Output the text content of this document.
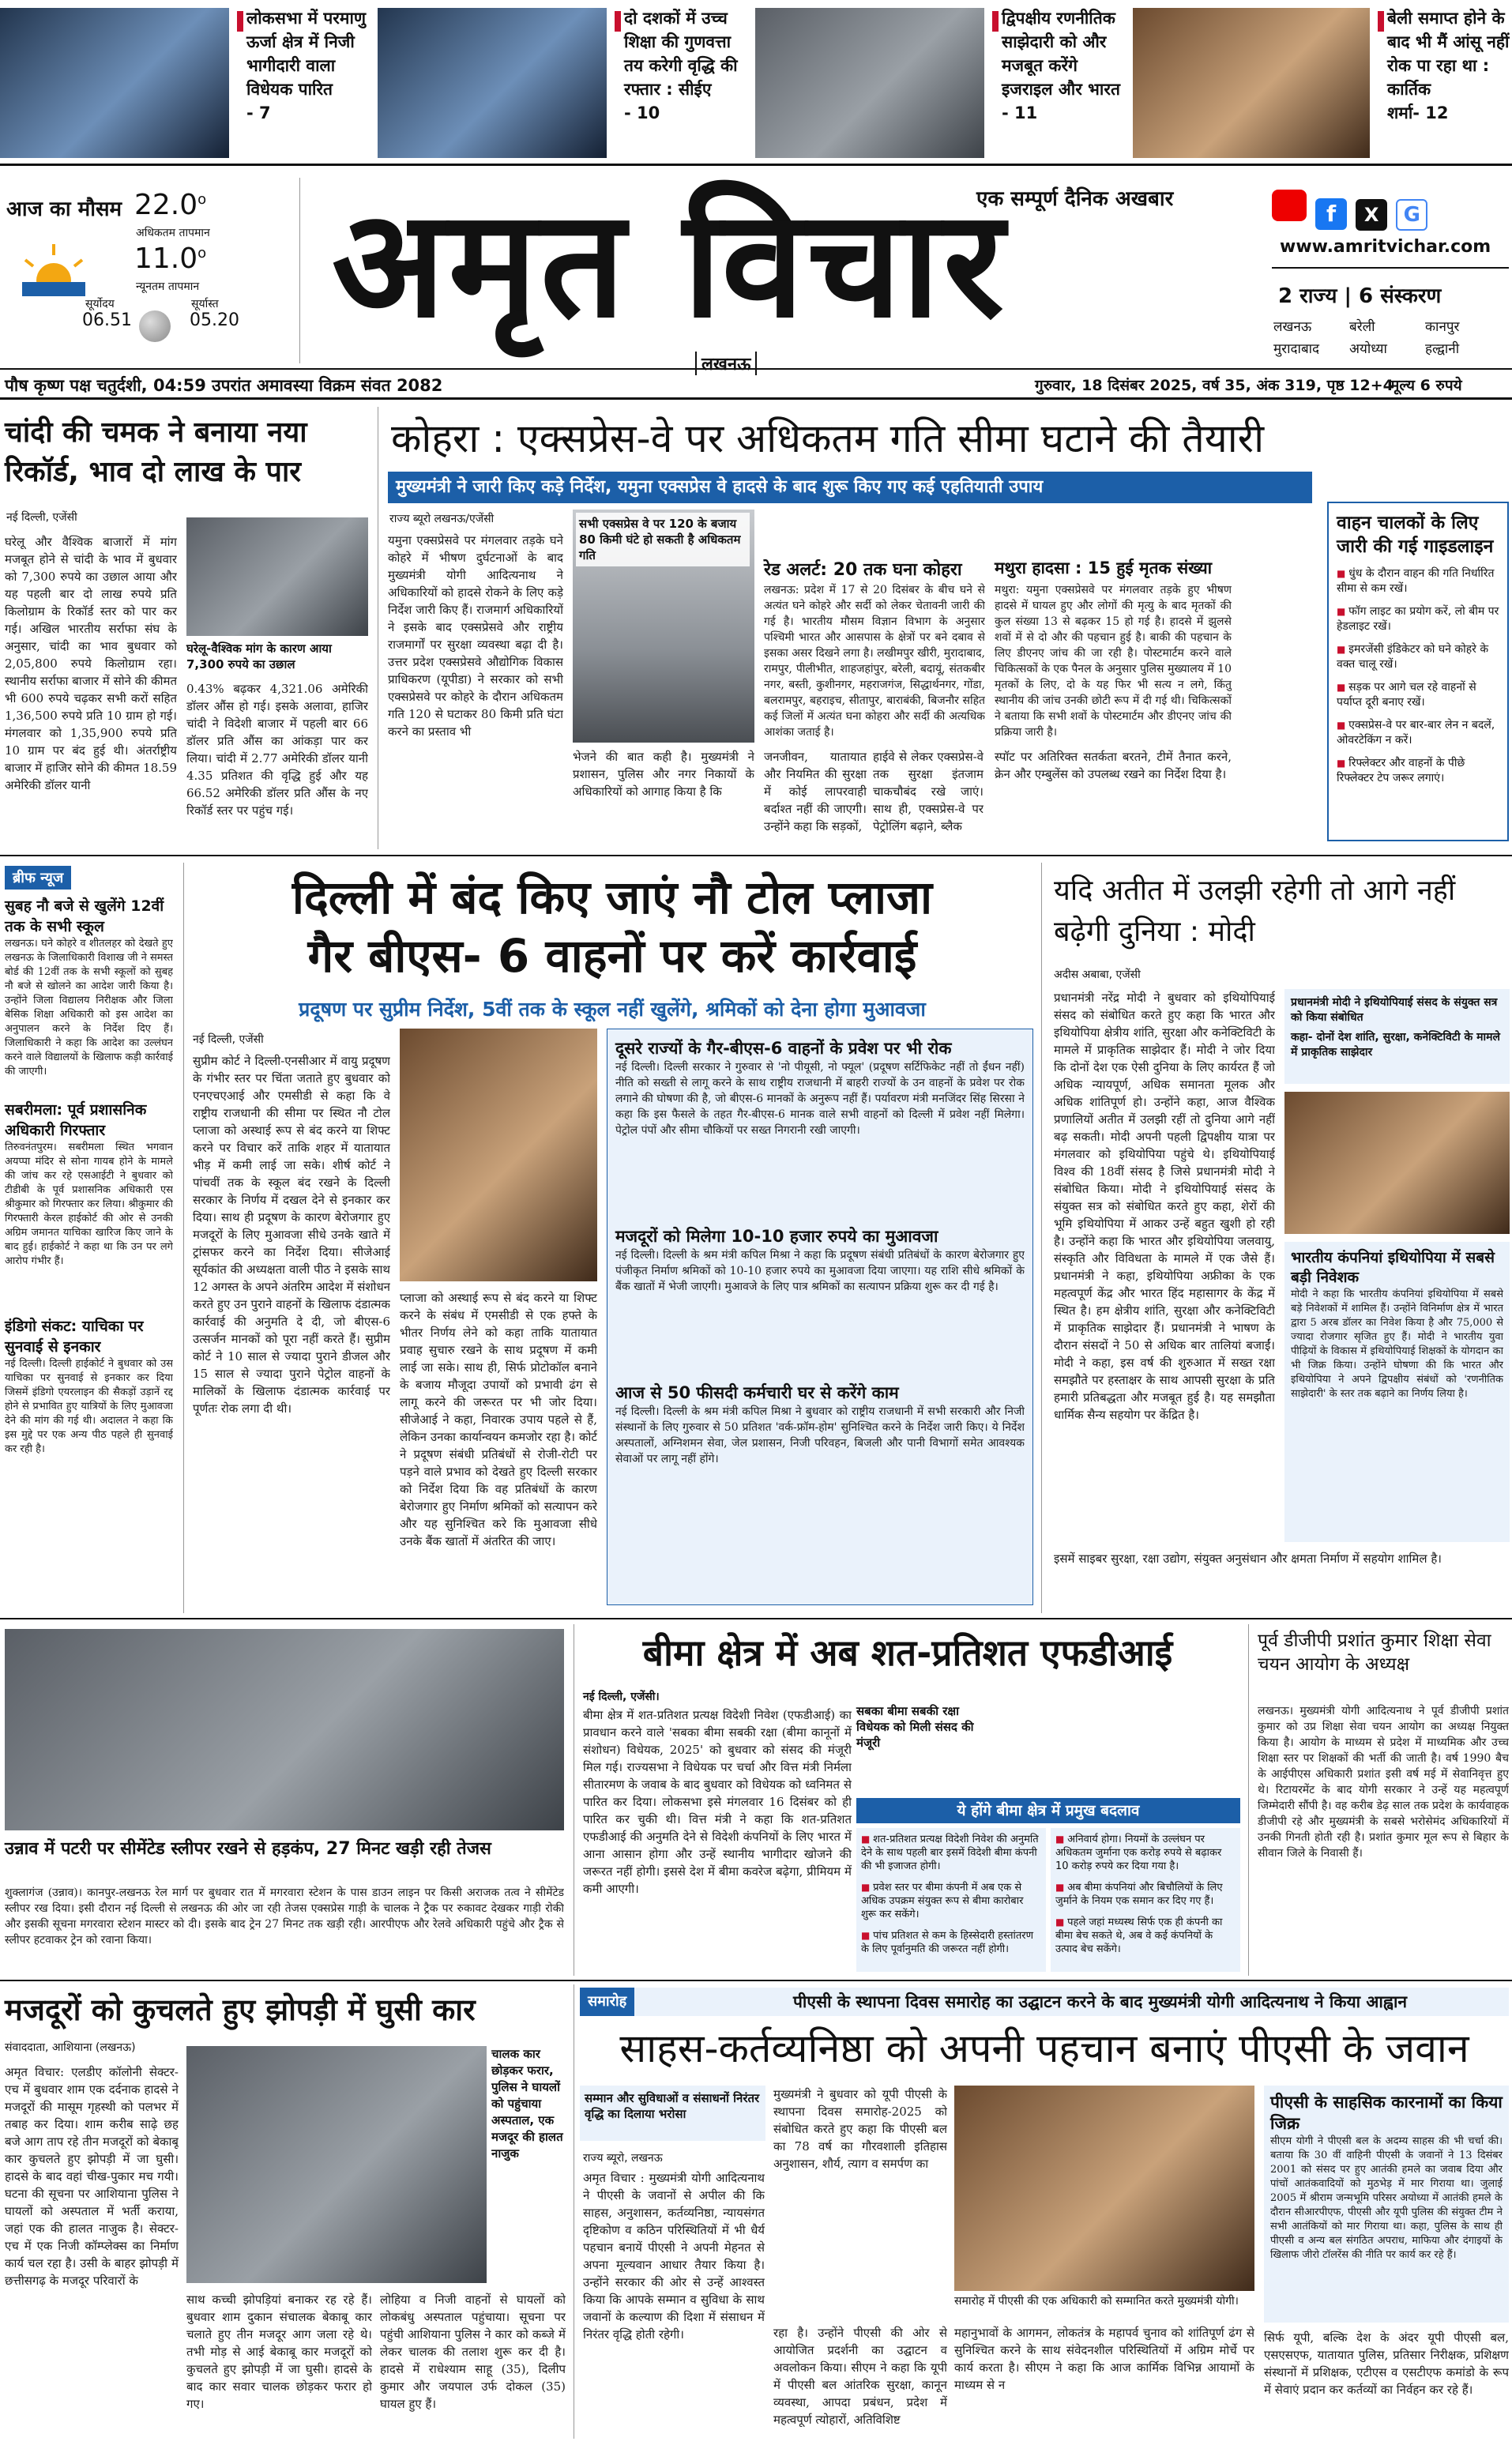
लोकसभा में परमाणु ऊर्जा क्षेत्र में निजी भागीदारी वाला विधेयक पारित
- 7
दो दशकों में उच्च शिक्षा की गुणवत्ता तय करेगी वृद्धि की रफ्तार : सीईए
- 10
द्विपक्षीय रणनीतिक साझेदारी को और मजबूत करेंगे इजराइल और भारत
- 11
बेली समाप्त होने के बाद भी मैं आंसू नहीं रोक पा रहा था : कार्तिक
शर्मा- 12
आज का मौसम 22.0$^o$
अधिकतम तापमान
11.0$^o$
न्यूनतम तापमान
सूर्योदय
06.51
सूर्यास्त
05.20
एक सम्पूर्ण दैनिक अखबार
अमृत विचार
लखनऊ
f X G
www.amritvichar.com
2 राज्य | 6 संस्करण
लखनऊ	बरेली	कानपुर
मुरादाबाद अयोध्या	हल्द्वानी
पौष कृष्ण पक्ष चतुर्दशी, 04:59 उपरांत अमावस्या विक्रम संवत 2082	गुरुवार, 18 दिसंबर 2025, वर्ष 35, अंक 319, पृष्ठ 12+4
मूल्य 6 रुपये
चांदी की चमक ने बनाया नया रिकॉर्ड, भाव दो लाख के पार
नई दिल्ली, एजेंसी
घरेलू और वैश्विक बाजारों में मांग मजबूत होने से चांदी के भाव में बुधवार को 7,300 रुपये का उछाल आया और यह पहली बार दो लाख रुपये प्रति किलोग्राम के रिकॉर्ड स्तर को पार कर गई। अखिल भारतीय सर्राफा संघ के अनुसार, चांदी का भाव बुधवार को 2,05,800 रुपये किलोग्राम रहा। स्थानीय सर्राफा बाजार में सोने की कीमत भी 600 रुपये चढ़कर सभी करों सहित 1,36,500 रुपये प्रति 10 ग्राम हो गई। मंगलवार को 1,35,900 रुपये प्रति 10 ग्राम पर बंद हुई थी। अंतर्राष्ट्रीय बाजार में हाजिर सोने की कीमत 18.59 अमेरिकी डॉलर यानी
घरेलू-वैश्विक मांग के कारण आया 7,300 रुपये का उछाल
0.43% बढ़कर 4,321.06 अमेरिकी डॉलर औंस हो गई। इसके अलावा, हाजिर चांदी ने विदेशी बाजार में पहली बार 66 डॉलर प्रति औंस का आंकड़ा पार कर लिया। चांदी में 2.77 अमेरिकी डॉलर यानी 4.35 प्रतिशत की वृद्धि हुई और यह 66.52 अमेरिकी डॉलर प्रति औंस के नए रिकॉर्ड स्तर पर पहुंच गई।
कोहरा : एक्सप्रेस-वे पर अधिकतम गति सीमा घटाने की तैयारी
मुख्यमंत्री ने जारी किए कड़े निर्देश, यमुना एक्सप्रेस वे हादसे के बाद शुरू किए गए कई एहतियाती उपाय
राज्य ब्यूरो लखनऊ/एजेंसी
यमुना एक्सप्रेसवे पर मंगलवार तड़के घने कोहरे में भीषण दुर्घटनाओं के बाद मुख्यमंत्री योगी आदित्यनाथ ने अधिकारियों को हादसे रोकने के लिए कड़े निर्देश जारी किए हैं। राजमार्ग अधिकारियों ने इसके बाद एक्सप्रेसवे और राष्ट्रीय राजमार्गों पर सुरक्षा व्यवस्था बढ़ा दी है। उत्तर प्रदेश एक्सप्रेसवे औद्योगिक विकास प्राधिकरण (यूपीडा) ने सरकार को सभी एक्सप्रेसवे पर कोहरे के दौरान अधिकतम गति 120 से घटाकर 80 किमी प्रति घंटा करने का प्रस्ताव भी
सभी एक्सप्रेस वे पर 120 के बजाय 80 किमी घंटे हो सकती है अधिकतम गति
भेजने की बात कही है। मुख्यमंत्री ने प्रशासन, पुलिस और नगर निकायों के अधिकारियों को आगाह किया है कि
रेड अलर्ट: 20 तक घना कोहरा
लखनऊ: प्रदेश में 17 से 20 दिसंबर के बीच घने से अत्यंत घने कोहरे और सर्दी को लेकर चेतावनी जारी की गई है। भारतीय मौसम विज्ञान विभाग के अनुसार पश्चिमी भारत और आसपास के क्षेत्रों पर बने दबाव से इसका असर दिखने लगा है। लखीमपुर खीरी, मुरादाबाद, रामपुर, पीलीभीत, शाहजहांपुर, बरेली, बदायूं, संतकबीर नगर, बस्ती, कुशीनगर, महराजगंज, सिद्धार्थनगर, गोंडा, बलरामपुर, बहराइच, सीतापुर, बाराबंकी, बिजनौर सहित कई जिलों में अत्यंत घना कोहरा और सर्दी की अत्यधिक आशंका जताई है।
जनजीवन, यातायात और नियमित की सुरक्षा में कोई लापरवाही बर्दाश्त नहीं की जाएगी। उन्होंने कहा कि सड़कों,
हाईवे से लेकर एक्सप्रेस-वे तक सुरक्षा इंतजाम चाकचौबंद रखे जाएं। साथ ही, एक्सप्रेस-वे पर पेट्रोलिंग बढ़ाने, ब्लैक
मथुरा हादसा : 15 हुई मृतक संख्या
मथुरा: यमुना एक्सप्रेसवे पर मंगलवार तड़के हुए भीषण हादसे में घायल हुए और लोगों की मृत्यु के बाद मृतकों की कुल संख्या 13 से बढ़कर 15 हो गई है। हादसे में झुलसे शवों में से दो और की पहचान हुई है। बाकी की पहचान के लिए डीएनए जांच की जा रही है। पोस्टमार्टम करने वाले चिकित्सकों के एक पैनल के अनुसार पुलिस मुख्यालय में 10 मृतकों के लिए, दो के यह फिर भी सत्य न लगे, किंतु स्थानीय की जांच उनकी छोटी रूप में दी गई थी। चिकित्सकों ने बताया कि सभी शवों के पोस्टमार्टम और डीएनए जांच की प्रक्रिया जारी है।
स्पॉट पर अतिरिक्त सतर्कता बरतने, टीमें तैनात करने, क्रेन और एम्बुलेंस को उपलब्ध रखने का निर्देश दिया है।
वाहन चालकों के लिए जारी की गई गाइडलाइन
■ धुंध के दौरान वाहन की गति निर्धारित सीमा से कम रखें।
■ फॉग लाइट का प्रयोग करें, लो बीम पर हेडलाइट रखें।
■ इमरजेंसी इंडिकेटर को घने कोहरे के वक्त चालू रखें।
■ सड़क पर आगे चल रहे वाहनों से पर्याप्त दूरी बनाए रखें।
■ एक्सप्रेस-वे पर बार-बार लेन न बदलें, ओवरटेकिंग न करें।
■ रिफ्लेक्टर और वाहनों के पीछे रिफ्लेक्टर टेप जरूर लगाएं।
ब्रीफ न्यूज
सुबह नौ बजे से खुलेंगे 12वीं तक के सभी स्कूल
लखनऊ। घने कोहरे व शीतलहर को देखते हुए लखनऊ के जिलाधिकारी विशाख जी ने समस्त बोर्ड की 12वीं तक के सभी स्कूलों को सुबह नौ बजे से खोलने का आदेश जारी किया है। उन्होंने जिला विद्यालय निरीक्षक और जिला बेसिक शिक्षा अधिकारी को इस आदेश का अनुपालन करने के निर्देश दिए हैं। जिलाधिकारी ने कहा कि आदेश का उल्लंघन करने वाले विद्यालयों के खिलाफ कड़ी कार्रवाई की जाएगी।
सबरीमला: पूर्व प्रशासनिक अधिकारी गिरफ्तार
तिरुवनंतपुरम। सबरीमला स्थित भगवान अयप्पा मंदिर से सोना गायब होने के मामले की जांच कर रहे एसआईटी ने बुधवार को टीडीबी के पूर्व प्रशासनिक अधिकारी एस श्रीकुमार को गिरफ्तार कर लिया। श्रीकुमार की गिरफ्तारी केरल हाईकोर्ट की ओर से उनकी अग्रिम जमानत याचिका खारिज किए जाने के बाद हुई। हाईकोर्ट ने कहा था कि उन पर लगे आरोप गंभीर हैं।
इंडिगो संकट: याचिका पर सुनवाई से इनकार
नई दिल्ली। दिल्ली हाईकोर्ट ने बुधवार को उस याचिका पर सुनवाई से इनकार कर दिया जिसमें इंडिगो एयरलाइन की सैकड़ों उड़ानें रद्द होने से प्रभावित हुए यात्रियों के लिए मुआवजा देने की मांग की गई थी। अदालत ने कहा कि इस मुद्दे पर एक अन्य पीठ पहले ही सुनवाई कर रही है।
दिल्ली में बंद किए जाएं नौ टोल प्लाजा
गैर बीएस- 6 वाहनों पर करें कार्रवाई
प्रदूषण पर सुप्रीम निर्देश, 5वीं तक के स्कूल नहीं खुलेंगे, श्रमिकों को देना होगा मुआवजा
नई दिल्ली, एजेंसी
सुप्रीम कोर्ट ने दिल्ली-एनसीआर में वायु प्रदूषण के गंभीर स्तर पर चिंता जताते हुए बुधवार को एनएचएआई और एमसीडी से कहा कि वे राष्ट्रीय राजधानी की सीमा पर स्थित नौ टोल प्लाजा को अस्थाई रूप से बंद करने या शिफ्ट करने पर विचार करें ताकि शहर में यातायात भीड़ में कमी लाई जा सके। शीर्ष कोर्ट ने पांचवीं तक के स्कूल बंद रखने के दिल्ली सरकार के निर्णय में दखल देने से इनकार कर दिया। साथ ही प्रदूषण के कारण बेरोजगार हुए मजदूरों के लिए मुआवजा सीधे उनके खाते में ट्रांसफर करने का निर्देश दिया। सीजेआई सूर्यकांत की अध्यक्षता वाली पीठ ने इसके साथ 12 अगस्त के अपने अंतरिम आदेश में संशोधन करते हुए उन पुराने वाहनों के खिलाफ दंडात्मक कार्रवाई की अनुमति दे दी, जो बीएस-6 उत्सर्जन मानकों को पूरा नहीं करते हैं। सुप्रीम कोर्ट ने 10 साल से ज्यादा पुराने डीजल और 15 साल से ज्यादा पुराने पेट्रोल वाहनों के मालिकों के खिलाफ दंडात्मक कार्रवाई पर पूर्णतः रोक लगा दी थी।
प्लाजा को अस्थाई रूप से बंद करने या शिफ्ट करने के संबंध में एमसीडी से एक हफ्ते के भीतर निर्णय लेने को कहा ताकि यातायात प्रवाह सुचारु रखने के साथ प्रदूषण में कमी लाई जा सके। साथ ही, सिर्फ प्रोटोकॉल बनाने के बजाय मौजूदा उपायों को प्रभावी ढंग से लागू करने की जरूरत पर भी जोर दिया। सीजेआई ने कहा, निवारक उपाय पहले से हैं, लेकिन उनका कार्यान्वयन कमजोर रहा है। कोर्ट ने प्रदूषण संबंधी प्रतिबंधों से रोजी-रोटी पर पड़ने वाले प्रभाव को देखते हुए दिल्ली सरकार को निर्देश दिया कि वह प्रतिबंधों के कारण बेरोजगार हुए निर्माण श्रमिकों को सत्यापन करे और यह सुनिश्चित करे कि मुआवजा सीधे उनके बैंक खातों में अंतरित की जाए।
दूसरे राज्यों के गैर-बीएस-6 वाहनों के प्रवेश पर भी रोक
नई दिल्ली। दिल्ली सरकार ने गुरुवार से 'नो पीयूसी, नो फ्यूल' (प्रदूषण सर्टिफिकेट नहीं तो ईंधन नहीं) नीति को सख्ती से लागू करने के साथ राष्ट्रीय राजधानी में बाहरी राज्यों के उन वाहनों के प्रवेश पर रोक लगाने की घोषणा की है, जो बीएस-6 मानकों के अनुरूप नहीं हैं। पर्यावरण मंत्री मनजिंदर सिंह सिरसा ने कहा कि इस फैसले के तहत गैर-बीएस-6 मानक वाले सभी वाहनों को दिल्ली में प्रवेश नहीं मिलेगा। पेट्रोल पंपों और सीमा चौकियों पर सख्त निगरानी रखी जाएगी।
मजदूरों को मिलेगा 10-10 हजार रुपये का मुआवजा
नई दिल्ली। दिल्ली के श्रम मंत्री कपिल मिश्रा ने कहा कि प्रदूषण संबंधी प्रतिबंधों के कारण बेरोजगार हुए पंजीकृत निर्माण श्रमिकों को 10-10 हजार रुपये का मुआवजा दिया जाएगा। यह राशि सीधे श्रमिकों के बैंक खातों में भेजी जाएगी। मुआवजे के लिए पात्र श्रमिकों का सत्यापन प्रक्रिया शुरू कर दी गई है।
आज से 50 फीसदी कर्मचारी घर से करेंगे काम
नई दिल्ली। दिल्ली के श्रम मंत्री कपिल मिश्रा ने बुधवार को राष्ट्रीय राजधानी में सभी सरकारी और निजी संस्थानों के लिए गुरुवार से 50 प्रतिशत 'वर्क-फ्रॉम-होम' सुनिश्चित करने के निर्देश जारी किए। ये निर्देश अस्पतालों, अग्निशमन सेवा, जेल प्रशासन, निजी परिवहन, बिजली और पानी विभागों समेत आवश्यक सेवाओं पर लागू नहीं होंगे।
यदि अतीत में उलझी रहेगी तो आगे नहीं बढ़ेगी दुनिया : मोदी
अदीस अबाबा, एजेंसी
प्रधानमंत्री नरेंद्र मोदी ने बुधवार को इथियोपियाई संसद को संबोधित करते हुए कहा कि भारत और इथियोपिया क्षेत्रीय शांति, सुरक्षा और कनेक्टिविटी के मामले में प्राकृतिक साझेदार हैं। मोदी ने जोर दिया कि दोनों देश एक ऐसी दुनिया के लिए कार्यरत हैं जो अधिक न्यायपूर्ण, अधिक समानता मूलक और अधिक शांतिपूर्ण हो। उन्होंने कहा, आज वैश्विक प्रणालियों अतीत में उलझी रहीं तो दुनिया आगे नहीं बढ़ सकती। मोदी अपनी पहली द्विपक्षीय यात्रा पर मंगलवार को इथियोपिया पहुंचे थे। इथियोपियाई विश्व की 18वीं संसद है जिसे प्रधानमंत्री मोदी ने संबोधित किया। मोदी ने इथियोपियाई संसद के संयुक्त सत्र को संबोधित करते हुए कहा, शेरों की भूमि इथियोपिया में आकर उन्हें बहुत खुशी हो रही है। उन्होंने कहा कि भारत और इथियोपिया जलवायु, संस्कृति और विविधता के मामले में एक जैसे हैं। प्रधानमंत्री ने कहा, इथियोपिया अफ्रीका के एक महत्वपूर्ण केंद्र और भारत हिंद महासागर के केंद्र में स्थित है। हम क्षेत्रीय शांति, सुरक्षा और कनेक्टिविटी में प्राकृतिक साझेदार हैं। प्रधानमंत्री ने भाषण के दौरान संसदों ने 50 से अधिक बार तालियां बजाईं। मोदी ने कहा, इस वर्ष की शुरुआत में सख्त रक्षा समझौते पर हस्ताक्षर के साथ आपसी सुरक्षा के प्रति हमारी प्रतिबद्धता और मजबूत हुई है। यह समझौता धार्मिक सैन्य सहयोग पर केंद्रित है।
प्रधानमंत्री मोदी ने इथियोपियाई संसद के संयुक्त सत्र को किया संबोधित
कहा- दोनों देश शांति, सुरक्षा, कनेक्टिविटी के मामले में प्राकृतिक साझेदार
भारतीय कंपनियां इथियोपिया में सबसे बड़ी निवेशक
मोदी ने कहा कि भारतीय कंपनियां इथियोपिया में सबसे बड़े निवेशकों में शामिल हैं। उन्होंने विनिर्माण क्षेत्र में भारत द्वारा 5 अरब डॉलर का निवेश किया है और 75,000 से ज्यादा रोजगार सृजित हुए हैं। मोदी ने भारतीय युवा पीढ़ियों के विकास में इथियोपियाई शिक्षकों के योगदान का भी जिक्र किया। उन्होंने घोषणा की कि भारत और इथियोपिया ने अपने द्विपक्षीय संबंधों को 'रणनीतिक साझेदारी' के स्तर तक बढ़ाने का निर्णय लिया है।
इसमें साइबर सुरक्षा, रक्षा उद्योग, संयुक्त अनुसंधान और क्षमता निर्माण में सहयोग शामिल है।
उन्नाव में पटरी पर सीमेंटेड स्लीपर रखने से हड़कंप, 27 मिनट खड़ी रही तेजस
शुक्लागंज (उन्नाव)। कानपुर-लखनऊ रेल मार्ग पर बुधवार रात में मगरवारा स्टेशन के पास डाउन लाइन पर किसी अराजक तत्व ने सीमेंटेड स्लीपर रख दिया। इसी दौरान नई दिल्ली से लखनऊ की ओर जा रही तेजस एक्सप्रेस गाड़ी के चालक ने ट्रैक पर रुकावट देखकर गाड़ी रोकी और इसकी सूचना मगरवारा स्टेशन मास्टर को दी। इसके बाद ट्रेन 27 मिनट तक खड़ी रही। आरपीएफ और रेलवे अधिकारी पहुंचे और ट्रैक से स्लीपर हटवाकर ट्रेन को रवाना किया।
बीमा क्षेत्र में अब शत-प्रतिशत एफडीआई
नई दिल्ली, एजेंसी।
बीमा क्षेत्र में शत-प्रतिशत प्रत्यक्ष विदेशी निवेश (एफडीआई) का प्रावधान करने वाले 'सबका बीमा सबकी रक्षा (बीमा कानूनों में संशोधन) विधेयक, 2025' को बुधवार को संसद की मंजूरी मिल गई। राज्यसभा ने विधेयक पर चर्चा और वित्त मंत्री निर्मला सीतारमण के जवाब के बाद बुधवार को विधेयक को ध्वनिमत से पारित कर दिया। लोकसभा इसे मंगलवार 16 दिसंबर को ही पारित कर चुकी थी। वित्त मंत्री ने कहा कि शत-प्रतिशत एफडीआई की अनुमति देने से विदेशी कंपनियों के लिए भारत में आना आसान होगा और उन्हें स्थानीय भागीदार खोजने की जरूरत नहीं होगी। इससे देश में बीमा कवरेज बढ़ेगा, प्रीमियम में कमी आएगी।
सबका बीमा सबकी रक्षा विधेयक को मिली संसद की मंजूरी
ये होंगे बीमा क्षेत्र में प्रमुख बदलाव
■ शत-प्रतिशत प्रत्यक्ष विदेशी निवेश की अनुमति देने के साथ पहली बार इसमें विदेशी बीमा कंपनी की भी इजाजत होगी।
■ प्रवेश स्तर पर बीमा कंपनी में अब एक से अधिक उपक्रम संयुक्त रूप से बीमा कारोबार शुरू कर सकेंगे।
■ पांच प्रतिशत से कम के हिस्सेदारी हस्तांतरण के लिए पूर्वानुमति की जरूरत नहीं होगी।
■ अनिवार्य होगा। नियमों के उल्लंघन पर अधिकतम जुर्माना एक करोड़ रुपये से बढ़ाकर 10 करोड़ रुपये कर दिया गया है।
■ अब बीमा कंपनियां और बिचौलियों के लिए जुर्माने के नियम एक समान कर दिए गए हैं।
■ पहले जहां मध्यस्थ सिर्फ एक ही कंपनी का बीमा बेच सकते थे, अब वे कई कंपनियों के उत्पाद बेच सकेंगे।
पूर्व डीजीपी प्रशांत कुमार शिक्षा सेवा चयन आयोग के अध्यक्ष
लखनऊ। मुख्यमंत्री योगी आदित्यनाथ ने पूर्व डीजीपी प्रशांत कुमार को उप्र शिक्षा सेवा चयन आयोग का अध्यक्ष नियुक्त किया है। आयोग के माध्यम से प्रदेश में माध्यमिक और उच्च शिक्षा स्तर पर शिक्षकों की भर्ती की जाती है। वर्ष 1990 बैच के आईपीएस अधिकारी प्रशांत इसी वर्ष मई में सेवानिवृत्त हुए थे। रिटायरमेंट के बाद योगी सरकार ने उन्हें यह महत्वपूर्ण जिम्मेदारी सौंपी है। वह करीब डेढ़ साल तक प्रदेश के कार्यवाहक डीजीपी रहे और मुख्यमंत्री के सबसे भरोसेमंद अधिकारियों में उनकी गिनती होती रही है। प्रशांत कुमार मूल रूप से बिहार के सीवान जिले के निवासी हैं।
मजदूरों को कुचलते हुए झोपड़ी में घुसी कार
संवाददाता, आशियाना (लखनऊ)
अमृत विचार: एलडीए कॉलोनी सेक्टर-एच में बुधवार शाम एक दर्दनाक हादसे ने मजदूरों की मासूम गृहस्थी को पलभर में तबाह कर दिया। शाम करीब साढ़े छह बजे आग ताप रहे तीन मजदूरों को बेकाबू कार कुचलते हुए झोपड़ी में जा घुसी। हादसे के बाद वहां चीख-पुकार मच गयी। घटना की सूचना पर आशियाना पुलिस ने घायलों को अस्पताल में भर्ती कराया, जहां एक की हालत नाजुक है। सेक्टर-एच में एक निजी कॉम्प्लेक्स का निर्माण कार्य चल रहा है। उसी के बाहर झोपड़ी में छत्तीसगढ़ के मजदूर परिवारों के
चालक कार छोड़कर फरार, पुलिस ने घायलों को पहुंचाया अस्पताल, एक मजदूर की हालत नाजुक
साथ कच्ची झोपड़ियां बनाकर रह रहे हैं। बुधवार शाम दुकान संचालक बेकाबू कार चलाते हुए तीन मजदूर आग जला रहे थे। तभी मोड़ से आई बेकाबू कार मजदूरों को कुचलते हुए झोपड़ी में जा घुसी। हादसे के बाद कार सवार चालक छोड़कर फरार हो गए।
लोहिया व निजी वाहनों से घायलों को लोकबंधु अस्पताल पहुंचाया। सूचना पर पहुंची आशियाना पुलिस ने कार को कब्जे में लेकर चालक की तलाश शुरू कर दी है। हादसे में राधेश्याम साहू (35), दिलीप कुमार और जयपाल उर्फ दोकल (35) घायल हुए हैं।
समारोह	पीएसी के स्थापना दिवस समारोह का उद्घाटन करने के बाद मुख्यमंत्री योगी आदित्यनाथ ने किया आह्वान
साहस-कर्तव्यनिष्ठा को अपनी पहचान बनाएं पीएसी के जवान
सम्मान और सुविधाओं व संसाधनों निरंतर वृद्धि का दिलाया भरोसा
राज्य ब्यूरो, लखनऊ
अमृत विचार : मुख्यमंत्री योगी आदित्यनाथ ने पीएसी के जवानों से अपील की कि साहस, अनुशासन, कर्तव्यनिष्ठा, न्यायसंगत दृष्टिकोण व कठिन परिस्थितियों में भी धैर्य पहचान बनायें पीएसी ने अपनी मेहनत से अपना मूल्यवान आधार तैयार किया है। उन्होंने सरकार की ओर से उन्हें आश्वस्त किया कि आपके सम्मान व सुविधा के साथ जवानों के कल्याण की दिशा में संसाधन में निरंतर वृद्धि होती रहेगी।
मुख्यमंत्री ने बुधवार को यूपी पीएसी के स्थापना दिवस समारोह-2025 को संबोधित करते हुए कहा कि पीएसी बल का 78 वर्ष का गौरवशाली इतिहास अनुशासन, शौर्य, त्याग व समर्पण का
समारोह में पीएसी की एक अधिकारी को सम्मानित करते मुख्यमंत्री योगी।
रहा है। उन्होंने पीएसी की ओर से आयोजित प्रदर्शनी का उद्घाटन व अवलोकन किया। सीएम ने कहा कि यूपी में पीएसी बल आंतरिक सुरक्षा, कानून व्यवस्था, आपदा प्रबंधन, प्रदेश में महत्वपूर्ण त्योहारों, अतिविशिष्ट
महानुभावों के आगमन, लोकतंत्र के महापर्व चुनाव को शांतिपूर्ण ढंग से सुनिश्चित करने के साथ संवेदनशील परिस्थितियों में अग्रिम मोर्चे पर कार्य करता है। सीएम ने कहा कि आज कार्मिक विभिन्न आयामों के माध्यम से न
पीएसी के साहसिक कारनामों का किया जिक्र
सीएम योगी ने पीएसी बल के अदम्य साहस की भी चर्चा की। बताया कि 30 वीं वाहिनी पीएसी के जवानों ने 13 दिसंबर 2001 को संसद पर हुए आतंकी हमले का जवाब दिया और पांचों आतंकवादियों को मुठभेड़ में मार गिराया था। जुलाई 2005 में श्रीराम जन्मभूमि परिसर अयोध्या में आतंकी हमले के दौरान सीआरपीएफ, पीएसी और यूपी पुलिस की संयुक्त टीम ने सभी आतंकियों को मार गिराया था। कहा, पुलिस के साथ ही पीएसी व अन्य बल संगठित अपराध, माफिया और दंगाइयों के खिलाफ जीरो टॉलरेंस की नीति पर कार्य कर रहे हैं।
सिर्फ यूपी, बल्कि देश के अंदर यूपी पीएसी बल, एसएसएफ, यातायात पुलिस, प्रतिसार निरीक्षक, प्रशिक्षण संस्थानों में प्रशिक्षक, एटीएस व एसटीएफ कमांडो के रूप में सेवाएं प्रदान कर कर्तव्यों का निर्वहन कर रहे हैं।
